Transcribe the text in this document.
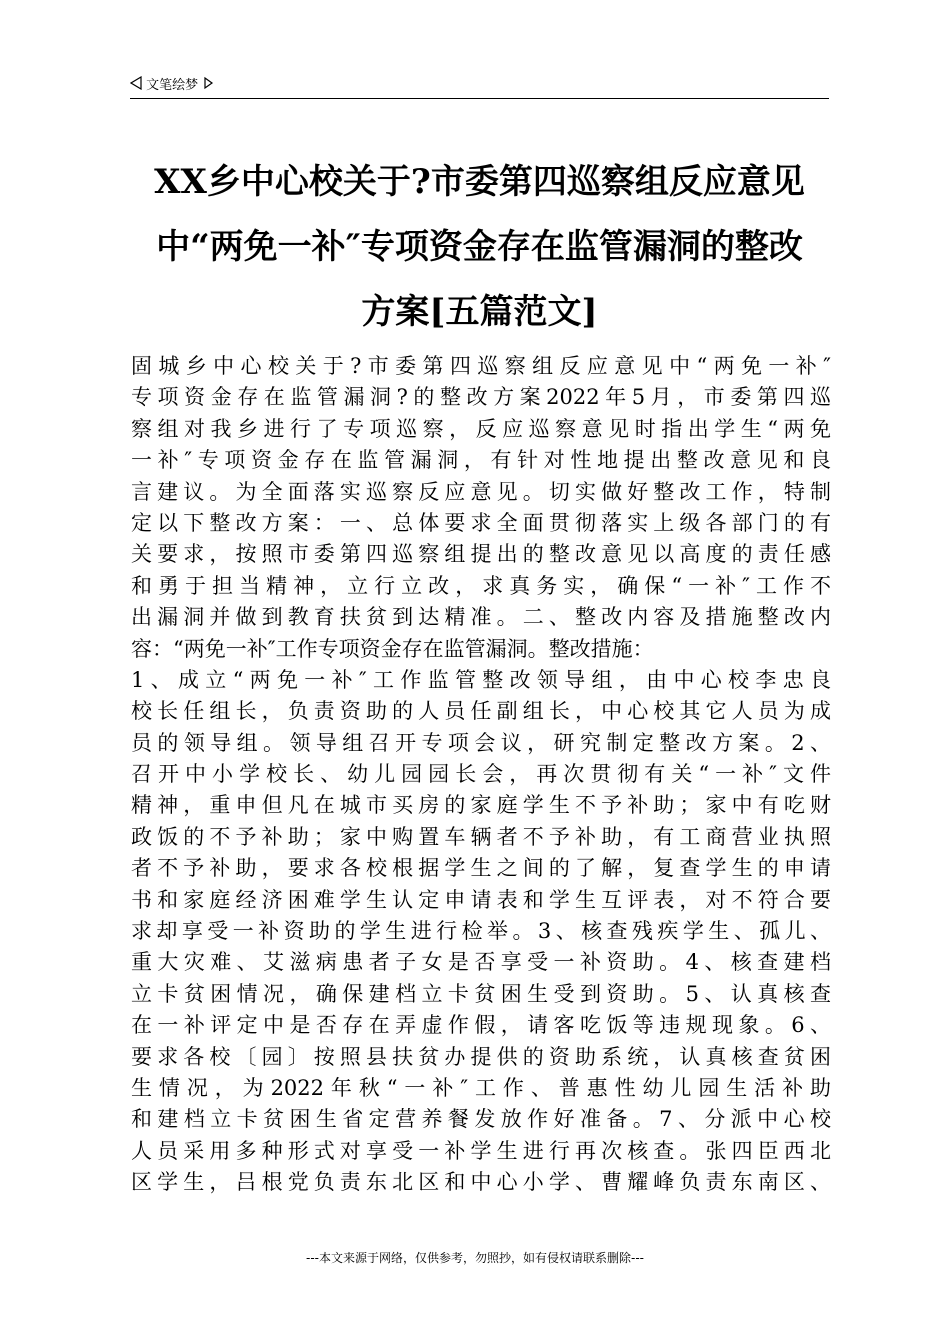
文笔绘梦
XX乡中心校关于?市委第四巡察组反应意见
中“两免一补″专项资金存在监管漏洞的整改
方案[五篇范文]
固城乡中心校关于?市委第四巡察组反应意见中“两免一补″
专项资金存在监管漏洞?的整改方案2022年5月，市委第四巡
察组对我乡进行了专项巡察，反应巡察意见时指出学生“两免
一补″专项资金存在监管漏洞，有针对性地提出整改意见和良
言建议。为全面落实巡察反应意见。切实做好整改工作，特制
定以下整改方案：一、总体要求全面贯彻落实上级各部门的有
关要求，按照市委第四巡察组提出的整改意见以高度的责任感
和勇于担当精神，立行立改，求真务实，确保“一补″工作不
出漏洞并做到教育扶贫到达精准。二、整改内容及措施整改内
容：“两免一补″工作专项资金存在监管漏洞。整改措施：
1、成立“两免一补″工作监管整改领导组，由中心校李忠良
校长任组长，负责资助的人员任副组长，中心校其它人员为成
员的领导组。领导组召开专项会议，研究制定整改方案。2、
召开中小学校长、幼儿园园长会，再次贯彻有关“一补″文件
精神，重申但凡在城市买房的家庭学生不予补助；家中有吃财
政饭的不予补助；家中购置车辆者不予补助，有工商营业执照
者不予补助，要求各校根据学生之间的了解，复查学生的申请
书和家庭经济困难学生认定申请表和学生互评表，对不符合要
求却享受一补资助的学生进行检举。3、核查残疾学生、孤儿、
重大灾难、艾滋病患者子女是否享受一补资助。4、核查建档
立卡贫困情况，确保建档立卡贫困生受到资助。5、认真核查
在一补评定中是否存在弄虚作假，请客吃饭等违规现象。6、
要求各校〔园〕按照县扶贫办提供的资助系统，认真核查贫困
生情况，为2022年秋“一补″工作、普惠性幼儿园生活补助
和建档立卡贫困生省定营养餐发放作好准备。7、分派中心校
人员采用多种形式对享受一补学生进行再次核查。张四臣西北
区学生，吕根党负责东北区和中心小学、曹耀峰负责东南区、
---本文来源于网络，仅供参考，勿照抄，如有侵权请联系删除---
